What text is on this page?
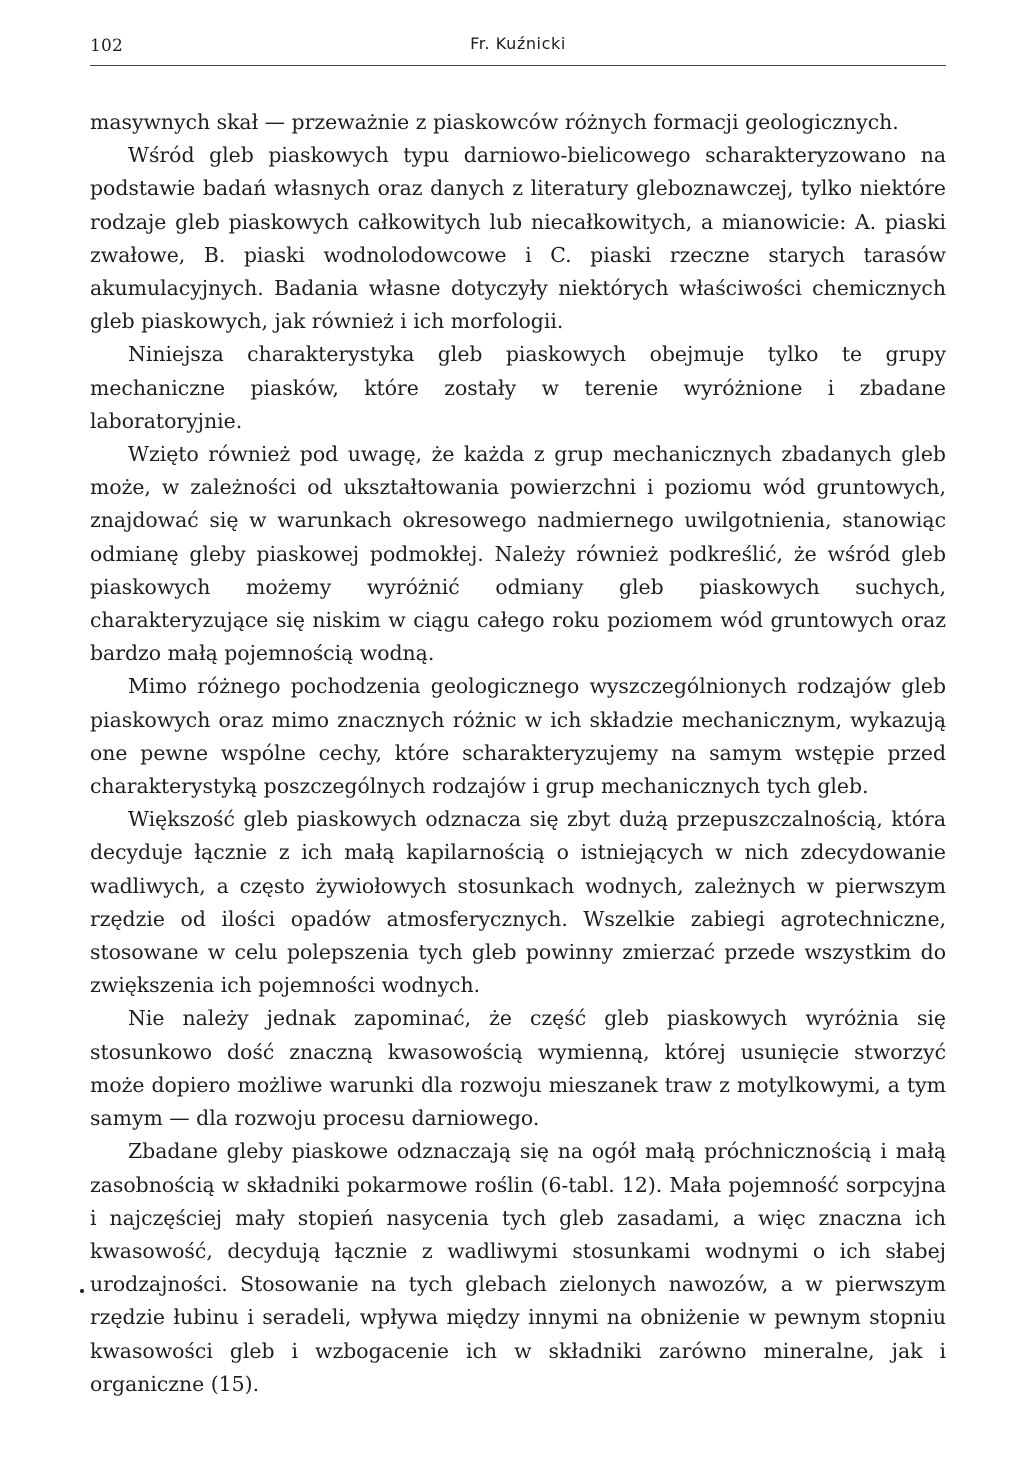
102	Fr. Kuźnicki

masywnych skał — przeważnie z piaskowców różnych formacji geologicznych.

Wśród gleb piaskowych typu darniowo-bielicowego scharakteryzowano na podstawie badań własnych oraz danych z literatury gleboznawczej, tylko niektóre rodzaje gleb piaskowych całkowitych lub niecałkowitych, a mianowicie: A. piaski zwałowe, B. piaski wodnolodowcowe i C. piaski rzeczne starych tarasów akumulacyjnych. Badania własne dotyczyły niektórych właściwości chemicznych gleb piaskowych, jak również i ich morfologii.

Niniejsza charakterystyka gleb piaskowych obejmuje tylko te grupy mechaniczne piasków, które zostały w terenie wyróżnione i zbadane laboratoryjnie.

Wzięto również pod uwagę, że każda z grup mechanicznych zbadanych gleb może, w zależności od ukształtowania powierzchni i poziomu wód gruntowych, znajdować się w warunkach okresowego nadmiernego uwilgotnienia, stanowiąc odmianę gleby piaskowej podmokłej. Należy również podkreślić, że wśród gleb piaskowych możemy wyróżnić odmiany gleb piaskowych suchych, charakteryzujące się niskim w ciągu całego roku poziomem wód gruntowych oraz bardzo małą pojemnością wodną.

Mimo różnego pochodzenia geologicznego wyszczególnionych rodzajów gleb piaskowych oraz mimo znacznych różnic w ich składzie mechanicznym, wykazują one pewne wspólne cechy, które scharakteryzujemy na samym wstępie przed charakterystyką poszczególnych rodzajów i grup mechanicznych tych gleb.

Większość gleb piaskowych odznacza się zbyt dużą przepuszczalnością, która decyduje łącznie z ich małą kapilarnością o istniejących w nich zdecydowanie wadliwych, a często żywiołowych stosunkach wodnych, zależnych w pierwszym rzędzie od ilości opadów atmosferycznych. Wszelkie zabiegi agrotechniczne, stosowane w celu polepszenia tych gleb powinny zmierzać przede wszystkim do zwiększenia ich pojemności wodnych.

Nie należy jednak zapominać, że część gleb piaskowych wyróżnia się stosunkowo dość znaczną kwasowością wymienną, której usunięcie stworzyć może dopiero możliwe warunki dla rozwoju mieszanek traw z motylkowymi, a tym samym — dla rozwoju procesu darniowego.

Zbadane gleby piaskowe odznaczają się na ogół małą próchnicznością i małą zasobnością w składniki pokarmowe roślin (6-tabl. 12). Mała pojemność sorpcyjna i najczęściej mały stopień nasycenia tych gleb zasadami, a więc znaczna ich kwasowość, decydują łącznie z wadliwymi stosunkami wodnymi o ich słabej urodzajności. Stosowanie na tych glebach zielonych nawozów, a w pierwszym rzędzie łubinu i seradeli, wpływa między innymi na obniżenie w pewnym stopniu kwasowości gleb i wzbogacenie ich w składniki zarówno mineralne, jak i organiczne (15).
